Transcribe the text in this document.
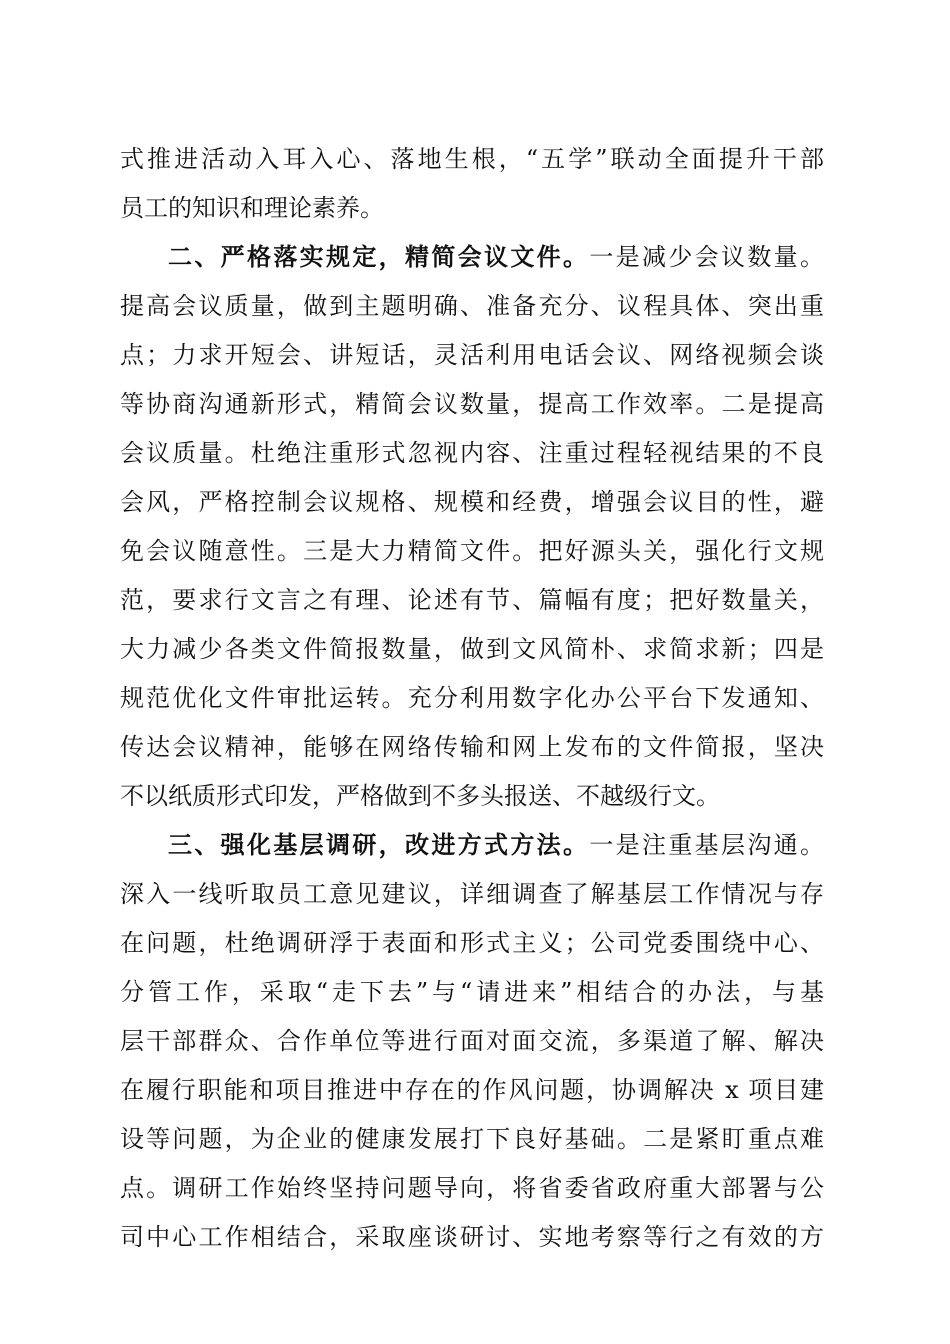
式推进活动入耳入心、落地生根，“五学”联动全面提升干部

员工的知识和理论素养。

二、严格落实规定，精简会议文件。一是减少会议数量。

提高会议质量，做到主题明确、准备充分、议程具体、突出重

点；力求开短会、讲短话，灵活利用电话会议、网络视频会谈

等协商沟通新形式，精简会议数量，提高工作效率。二是提高

会议质量。杜绝注重形式忽视内容、注重过程轻视结果的不良

会风，严格控制会议规格、规模和经费，增强会议目的性，避

免会议随意性。三是大力精简文件。把好源头关，强化行文规

范，要求行文言之有理、论述有节、篇幅有度；把好数量关，

大力减少各类文件简报数量，做到文风简朴、求简求新；四是

规范优化文件审批运转。充分利用数字化办公平台下发通知、

传达会议精神，能够在网络传输和网上发布的文件简报，坚决

不以纸质形式印发，严格做到不多头报送、不越级行文。

三、强化基层调研，改进方式方法。一是注重基层沟通。

深入一线听取员工意见建议，详细调查了解基层工作情况与存

在问题，杜绝调研浮于表面和形式主义；公司党委围绕中心、

分管工作，采取“走下去”与“请进来”相结合的办法，与基

层干部群众、合作单位等进行面对面交流，多渠道了解、解决

在履行职能和项目推进中存在的作风问题，协调解决 x 项目建

设等问题，为企业的健康发展打下良好基础。二是紧盯重点难

点。调研工作始终坚持问题导向，将省委省政府重大部署与公

司中心工作相结合，采取座谈研讨、实地考察等行之有效的方
